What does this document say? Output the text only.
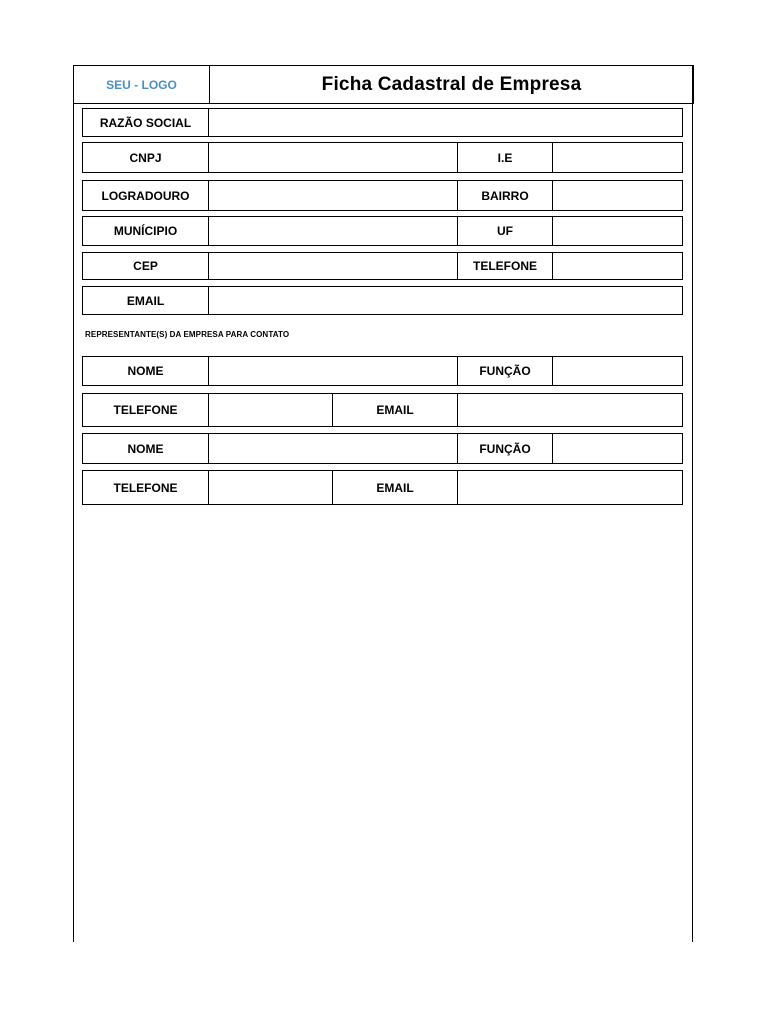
SEU - LOGO	Ficha Cadastral de Empresa
RAZÃO SOCIAL
CNPJ	I.E
LOGRADOURO	BAIRRO
MUNÍCIPIO	UF
CEP	TELEFONE
EMAIL
REPRESENTANTE(S) DA EMPRESA PARA CONTATO
NOME	FUNÇÃO
TELEFONE	EMAIL
NOME	FUNÇÃO
TELEFONE	EMAIL
